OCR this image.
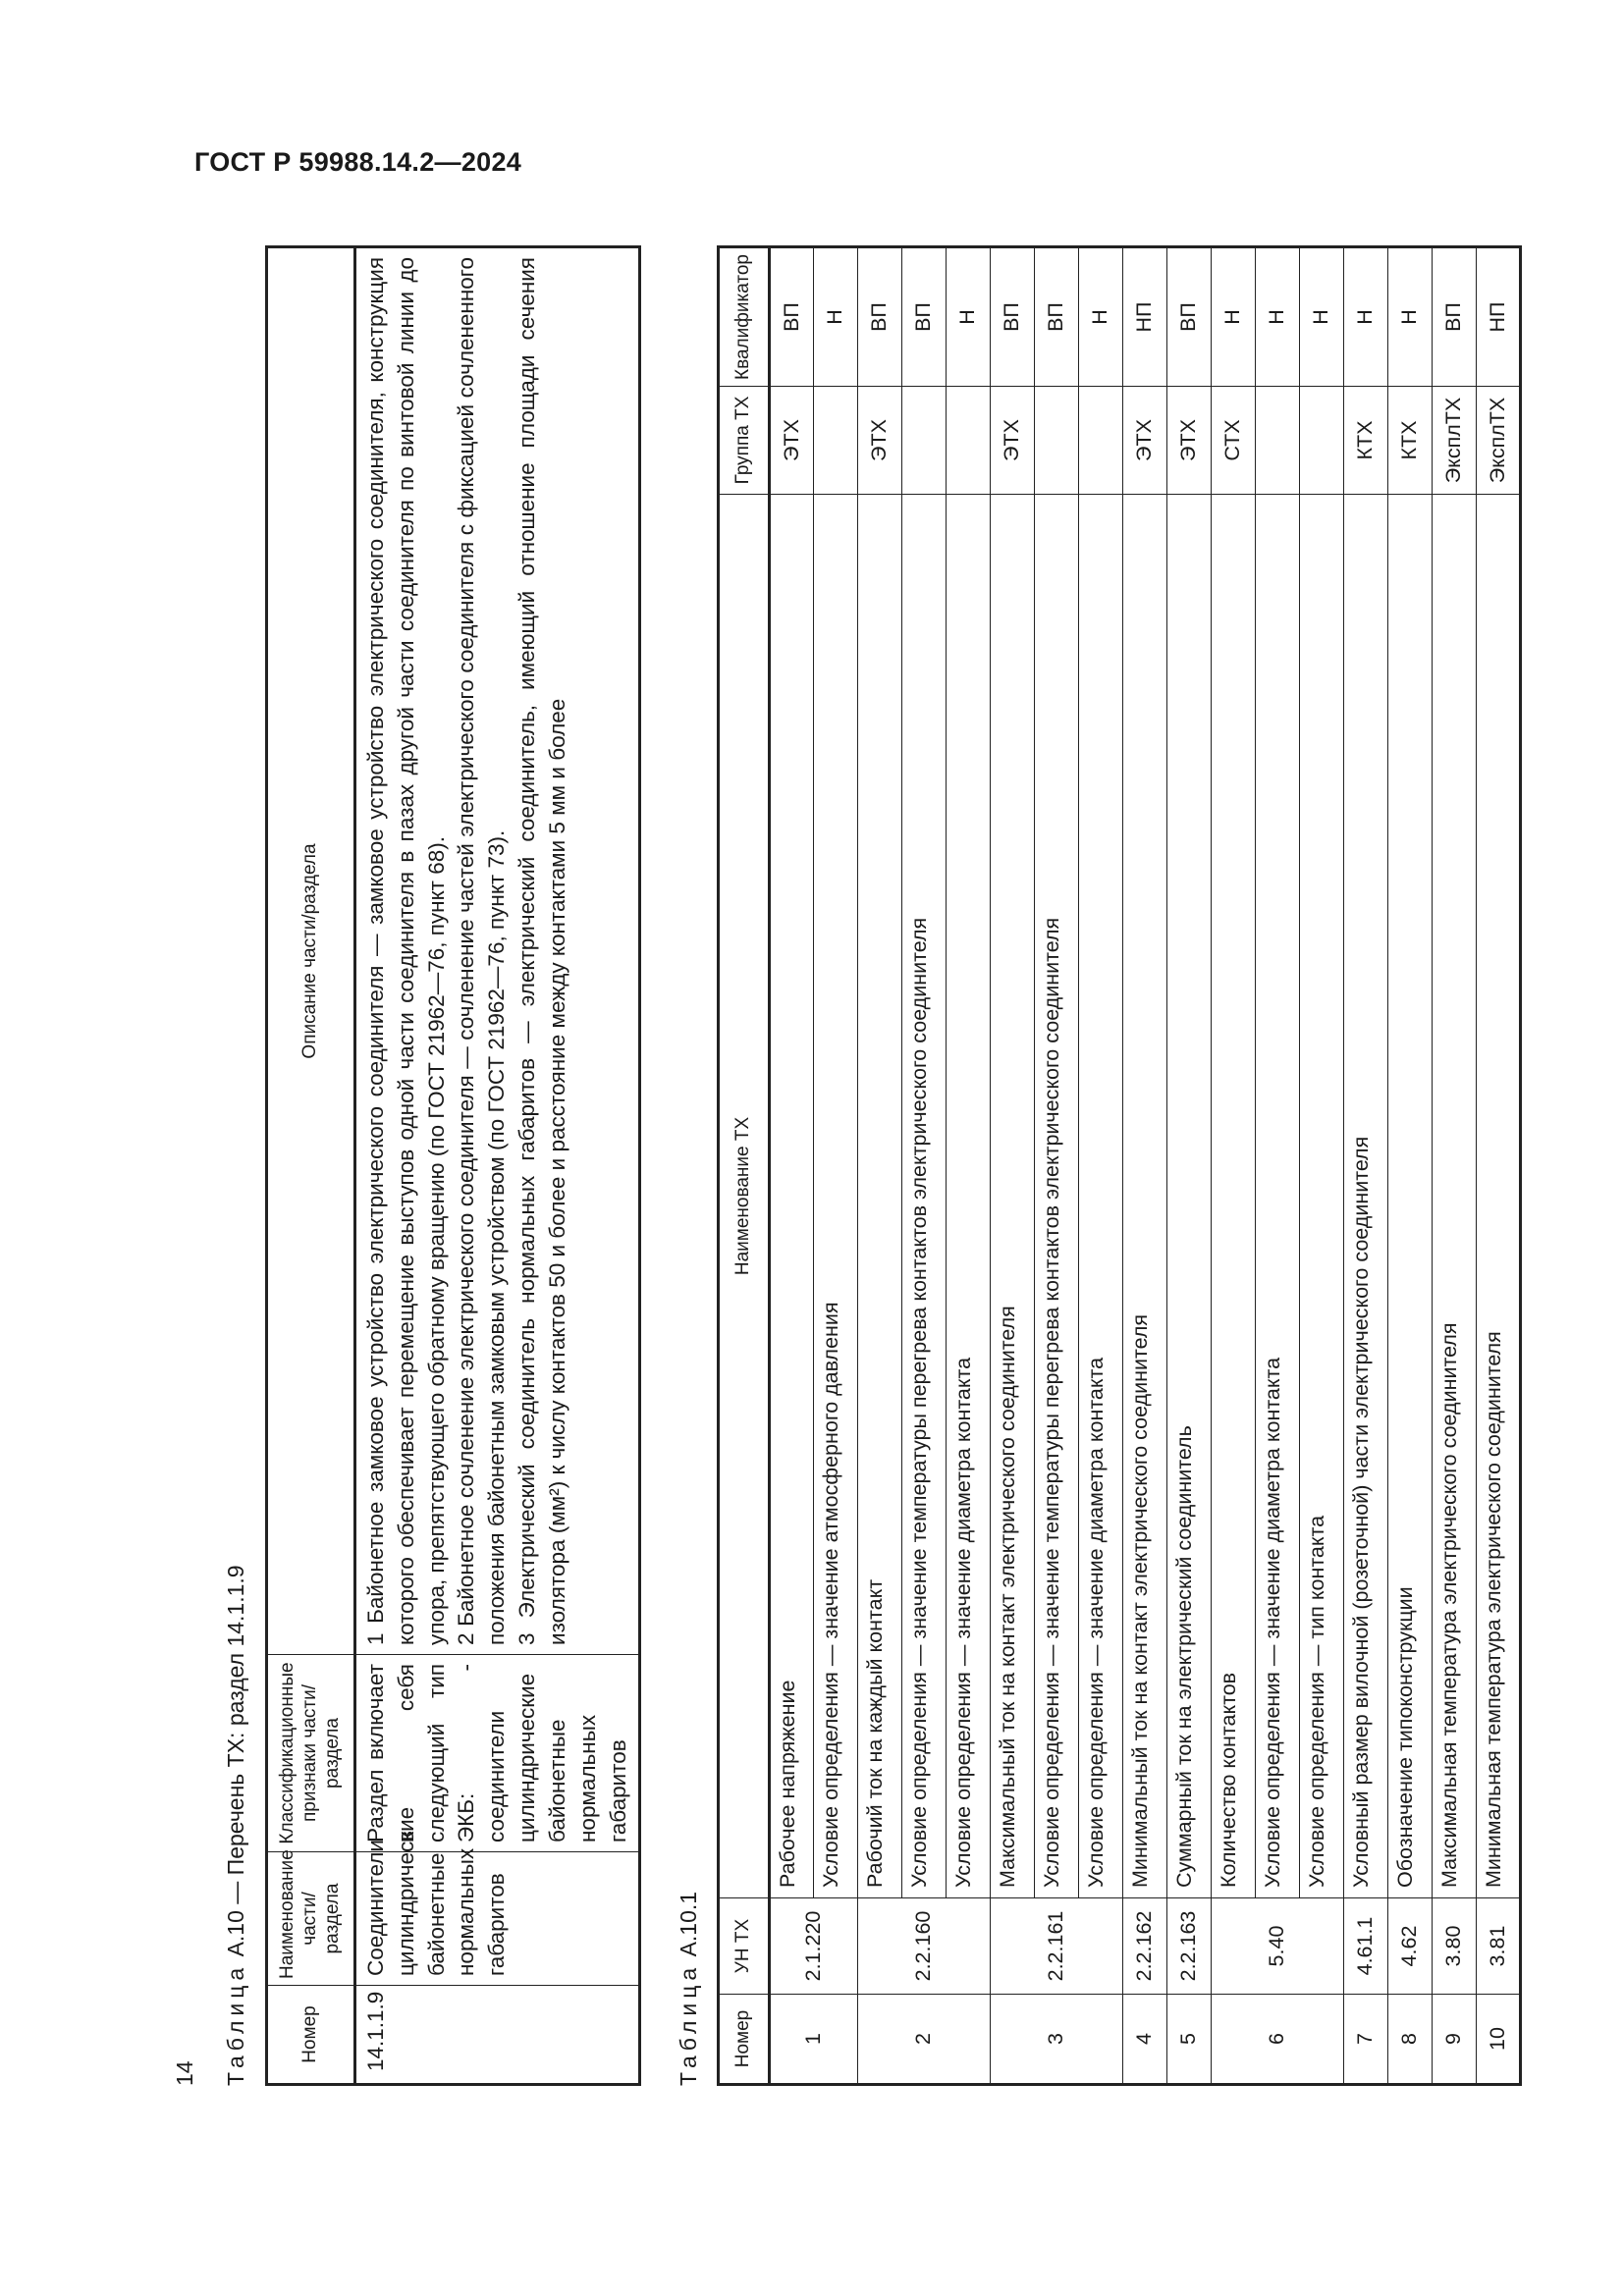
ГОСТ Р 59988.14.2—2024
14 Таблица А.10 — Перечень ТХ: раздел 14.1.1.9
Номер	Наименование части/раздела	Классификационные признаки части/раздела	Описание части/раздела
14.1.1.9	Соединители цилиндрические байонетные нормальных габаритов	Раздел включает в себя следующий тип ЭКБ: - соединители цилиндрические байонетные нормальных габаритов	1 Байонетное замковое устройство электрического соединителя — замковое устройство электрического соединителя, конструкция которого обеспечивает перемещение выступов одной части соединителя в пазах другой части соединителя по винтовой линии до упора, препятствующего обратному вращению (по ГОСТ 21962—76, пункт 68). 2 Байонетное сочленение электрического соединителя — сочленение частей электрического соединителя с фиксацией сочлененного положения байонетным замковым устройством (по ГОСТ 21962—76, пункт 73). 3 Электрический соединитель нормальных габаритов — электрический соединитель, имеющий отношение площади сечения изолятора (мм²) к числу контактов 50 и более и расстояние между контактами 5 мм и более

Таблица А.10.1
Номер	УН ТХ	Наименование ТХ	Группа ТХ	Квалификатор
1	2.1.220	Рабочее напряжение	ЭТХ	ВП
		Условие определения — значение атмосферного давления		Н
2	2.2.160	Рабочий ток на каждый контакт	ЭТХ	ВП
		Условие определения — значение температуры перегрева контактов электрического соединителя		ВП
		Условие определения — значение диаметра контакта		Н
3	2.2.161	Максимальный ток на контакт электрического соединителя	ЭТХ	ВП
		Условие определения — значение температуры перегрева контактов электрического соединителя		ВП
		Условие определения — значение диаметра контакта		Н
4	2.2.162	Минимальный ток на контакт электрического соединителя	ЭТХ	НП
5	2.2.163	Суммарный ток на электрический соединитель	ЭТХ	ВП
6	5.40	Количество контактов	СТХ	Н
		Условие определения — значение диаметра контакта		Н
		Условие определения — тип контакта		Н
7	4.61.1	Условный размер вилочной (розеточной) части электрического соединителя	КТХ	Н
8	4.62	Обозначение типоконструкции	КТХ	Н
9	3.80	Максимальная температура электрического соединителя	ЭксплТХ	ВП
10	3.81	Минимальная температура электрического соединителя	ЭксплТХ	НП
